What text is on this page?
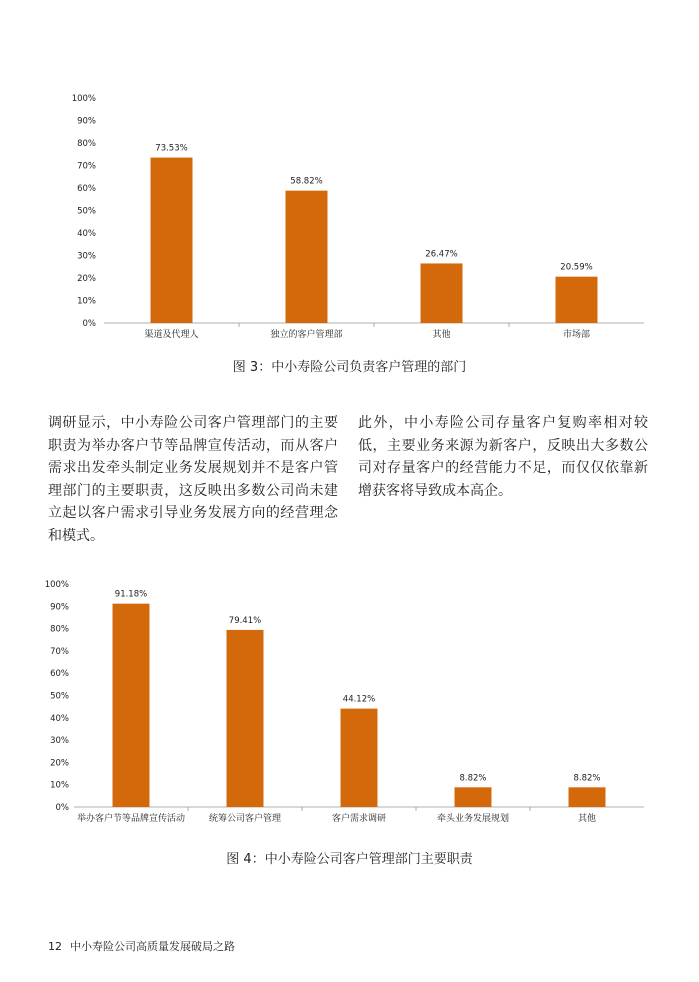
0%
10%
20%
30%
40%
50%
60%
70%
80%
90%
100%
73.53%
渠道及代理人
58.82%
独立的客户管理部
26.47%
其他
20.59%
市场部
图 3：中小寿险公司负责客户管理的部门
调研显示，中小寿险公司客户管理部门的主要职责为举办客户节等品牌宣传活动，而从客户需求出发牵头制定业务发展规划并不是客户管理部门的主要职责，这反映出多数公司尚未建立起以客户需求引导业务发展方向的经营理念和模式。
此外，中小寿险公司存量客户复购率相对较低，主要业务来源为新客户，反映出大多数公司对存量客户的经营能力不足，而仅仅依靠新增获客将导致成本高企。
0%
10%
20%
30%
40%
50%
60%
70%
80%
90%
100%
91.18%
举办客户节等品牌宣传活动
79.41%
统筹公司客户管理
44.12%
客户需求调研
8.82%
牵头业务发展规划
8.82%
其他
图 4：中小寿险公司客户管理部门主要职责
12 中小寿险公司高质量发展破局之路
